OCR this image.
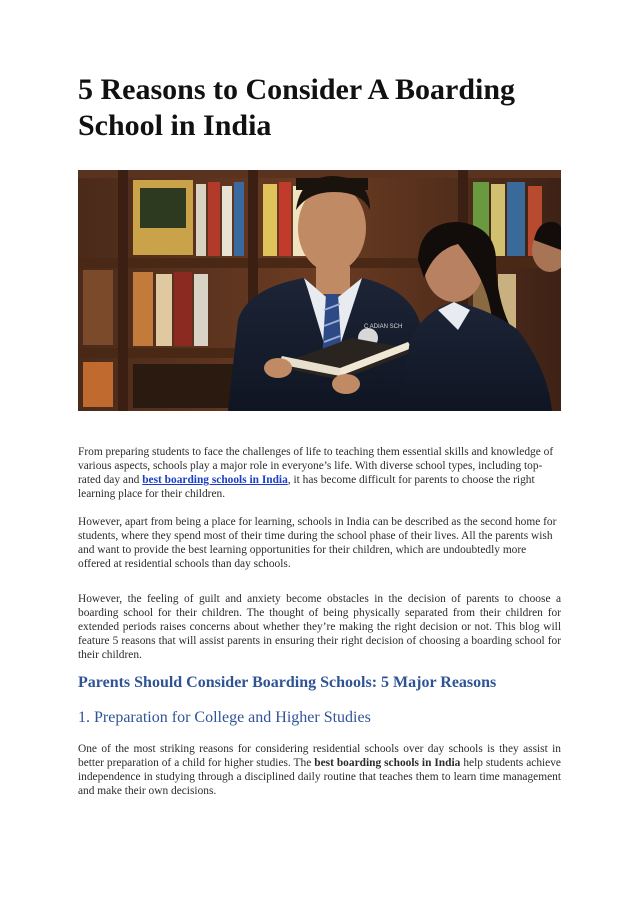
5 Reasons to Consider A Boarding School in India
C ADIAN SCH

From preparing students to face the challenges of life to teaching them essential skills and knowledge of various aspects, schools play a major role in everyone’s life. With diverse school types, including top-rated day and best boarding schools in India, it has become difficult for parents to choose the right learning place for their children.

However, apart from being a place for learning, schools in India can be described as the second home for students, where they spend most of their time during the school phase of their lives. All the parents wish and want to provide the best learning opportunities for their children, which are undoubtedly more offered at residential schools than day schools.

However, the feeling of guilt and anxiety become obstacles in the decision of parents to choose a boarding school for their children. The thought of being physically separated from their children for extended periods raises concerns about whether they’re making the right decision or not. This blog will feature 5 reasons that will assist parents in ensuring their right decision of choosing a boarding school for their children.

Parents Should Consider Boarding Schools: 5 Major Reasons
1. Preparation for College and Higher Studies

One of the most striking reasons for considering residential schools over day schools is they assist in better preparation of a child for higher studies. The best boarding schools in India help students achieve independence in studying through a disciplined daily routine that teaches them to learn time management and make their own decisions.
